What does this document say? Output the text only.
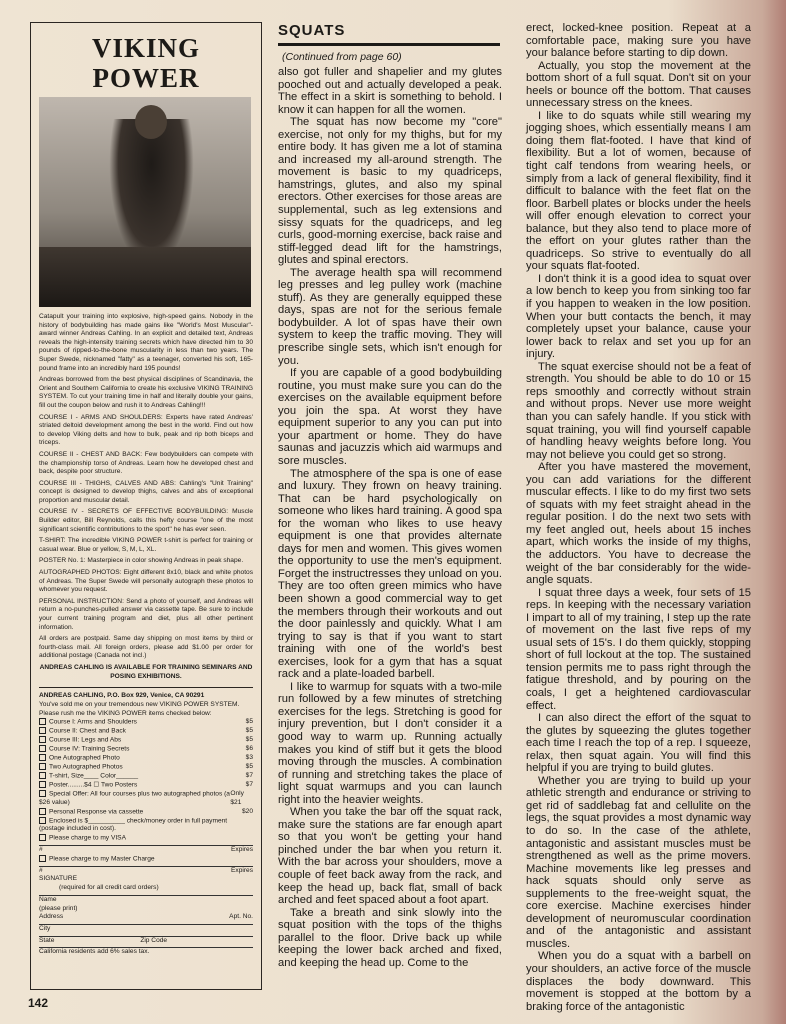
VIKING POWER

Catapult your training into explosive, high-speed gains. Nobody in the history of bodybuilding has made gains like "World's Most Muscular"-award winner Andreas Cahling. In an explicit and detailed text, Andreas reveals the high-intensity training secrets which have directed him to 30 pounds of ripped-to-the-bone muscularity in less than two years. The Super Swede, nicknamed "fatty" as a teenager, converted his soft, 165-pound frame into an incredibly hard 195 pounds!

Andreas borrowed from the best physical disciplines of Scandinavia, the Orient and Southern California to create his exclusive VIKING TRAINING SYSTEM. To cut your training time in half and literally double your gains, fill out the coupon below and rush it to Andreas Cahling!!!

COURSE I - ARMS AND SHOULDERS: Experts have rated Andreas' striated deltoid development among the best in the world. Find out how to develop Viking delts and how to bulk, peak and rip both biceps and triceps.

COURSE II - CHEST AND BACK: Few bodybuilders can compete with the championship torso of Andreas. Learn how he developed chest and back, despite poor structure.

COURSE III - THIGHS, CALVES AND ABS: Cahling's "Unit Training" concept is designed to develop thighs, calves and abs of exceptional proportion and muscular detail.

COURSE IV - SECRETS OF EFFECTIVE BODYBUILDING: Muscle Builder editor, Bill Reynolds, calls this hefty course "one of the most significant scientific contributions to the sport" he has ever seen.

T-SHIRT: The incredible VIKING POWER t-shirt is perfect for training or casual wear. Blue or yellow, S, M, L, XL.

POSTER No. 1: Masterpiece in color showing Andreas in peak shape.

AUTOGRAPHED PHOTOS: Eight different 8x10, black and white photos of Andreas. The Super Swede will personally autograph these photos to whomever you request.

PERSONAL INSTRUCTION: Send a photo of yourself, and Andreas will return a no-punches-pulled answer via cassette tape. Be sure to include your current training program and diet, plus all other pertinent information.

All orders are postpaid. Same day shipping on most items by third or fourth-class mail. All foreign orders, please add $1.00 per order for additional postage (Canada not incl.)

ANDREAS CAHLING IS AVAILABLE FOR TRAINING SEMINARS AND POSING EXHIBITIONS.

ANDREAS CAHLING, P.O. Box 929, Venice, CA 90291
You've sold me on your tremendous new VIKING POWER SYSTEM. Please rush me the VIKING POWER items checked below:
Course I: Arms and Shoulders	$5
Course II: Chest and Back	$5
Course III: Legs and Abs	$5
Course IV: Training Secrets	$6
One Autographed Photo	$3
Two Autographed Photos	$5
T-shirt, Size____ Color______	$7
Poster.........$4 ☐ Two Posters	$7
Special Offer: All four courses plus two autographed photos (a $26 value)
Only $21
Personal Response via cassette	$20
Enclosed is $__________ check/money order in full payment (postage included in cost).
Please charge to my VISA
#	Expires
Please charge to my Master Charge
#	Expires
SIGNATURE
(required for all credit card orders)
Name
(please print)
Address	Apt. No.
City
State	Zip Code
California residents add 6% sales tax.
142
SQUATS
(Continued from page 60)

also got fuller and shapelier and my glutes pooched out and actually developed a peak. The effect in a skirt is something to behold. I know it can happen for all the women.

The squat has now become my "core" exercise, not only for my thighs, but for my entire body. It has given me a lot of stamina and increased my all-around strength. The movement is basic to my quadriceps, hamstrings, glutes, and also my spinal erectors. Other exercises for those areas are supplemental, such as leg extensions and sissy squats for the quadriceps, and leg curls, good-morning exercise, back raise and stiff-legged dead lift for the hamstrings, glutes and spinal erectors.

The average health spa will recommend leg presses and leg pulley work (machine stuff). As they are generally equipped these days, spas are not for the serious female bodybuilder. A lot of spas have their own system to keep the traffic moving. They will prescribe single sets, which isn't enough for you.

If you are capable of a good bodybuilding routine, you must make sure you can do the exercises on the available equipment before you join the spa. At worst they have equipment superior to any you can put into your apartment or home. They do have saunas and jacuzzis which aid warmups and sore muscles.

The atmosphere of the spa is one of ease and luxury. They frown on heavy training. That can be hard psychologically on someone who likes hard training. A good spa for the woman who likes to use heavy equipment is one that provides alternate days for men and women. This gives women the opportunity to use the men's equipment. Forget the instructresses they unload on you. They are too often green mimics who have been shown a good commercial way to get the members through their workouts and out the door painlessly and quickly. What I am trying to say is that if you want to start training with one of the world's best exercises, look for a gym that has a squat rack and a plate-loaded barbell.

I like to warmup for squats with a two-mile run followed by a few minutes of stretching exercises for the legs. Stretching is good for injury prevention, but I don't consider it a good way to warm up. Running actually makes you kind of stiff but it gets the blood moving through the muscles. A combination of running and stretching takes the place of light squat warmups and you can launch right into the heavier weights.

When you take the bar off the squat rack, make sure the stations are far enough apart so that you won't be getting your hand pinched under the bar when you return it. With the bar across your shoulders, move a couple of feet back away from the rack, and keep the head up, back flat, small of back arched and feet spaced about a foot apart.

Take a breath and sink slowly into the squat position with the tops of the thighs parallel to the floor. Drive back up while keeping the lower back arched and fixed, and keeping the head up. Come to the

erect, locked-knee position. Repeat at a comfortable pace, making sure you have your balance before starting to dip down.

Actually, you stop the movement at the bottom short of a full squat. Don't sit on your heels or bounce off the bottom. That causes unnecessary stress on the knees.

I like to do squats while still wearing my jogging shoes, which essentially means I am doing them flat-footed. I have that kind of flexibility. But a lot of women, because of tight calf tendons from wearing heels, or simply from a lack of general flexibility, find it difficult to balance with the feet flat on the floor. Barbell plates or blocks under the heels will offer enough elevation to correct your balance, but they also tend to place more of the effort on your glutes rather than the quadriceps. So strive to eventually do all your squats flat-footed.

I don't think it is a good idea to squat over a low bench to keep you from sinking too far if you happen to weaken in the low position. When your butt contacts the bench, it may completely upset your balance, cause your lower back to relax and set you up for an injury.

The squat exercise should not be a feat of strength. You should be able to do 10 or 15 reps smoothly and correctly without strain and without props. Never use more weight than you can safely handle. If you stick with squat training, you will find yourself capable of handling heavy weights before long. You may not believe you could get so strong.

After you have mastered the movement, you can add variations for the different muscular effects. I like to do my first two sets of squats with my feet straight ahead in the regular position. I do the next two sets with my feet angled out, heels about 15 inches apart, which works the inside of my thighs, the adductors. You have to decrease the weight of the bar considerably for the wide-angle squats.

I squat three days a week, four sets of 15 reps. In keeping with the necessary variation I impart to all of my training, I step up the rate of movement on the last five reps of my usual sets of 15's. I do them quickly, stopping short of full lockout at the top. The sustained tension permits me to pass right through the fatigue threshold, and by pouring on the coals, I get a heightened cardiovascular effect.

I can also direct the effort of the squat to the glutes by squeezing the glutes together each time I reach the top of a rep. I squeeze, relax, then squat again. You will find this helpful if you are trying to build glutes.

Whether you are trying to build up your athletic strength and endurance or striving to get rid of saddlebag fat and cellulite on the legs, the squat provides a most dynamic way to do so. In the case of the athlete, antagonistic and assistant muscles must be strengthened as well as the prime movers. Machine movements like leg presses and hack squats should only serve as supplements to the free-weight squat, the core exercise. Machine exercises hinder development of neuromuscular coordination and of the antagonistic and assistant muscles.

When you do a squat with a barbell on your shoulders, an active force of the muscle displaces the body downward. This movement is stopped at the bottom by a braking force of the antagonistic
